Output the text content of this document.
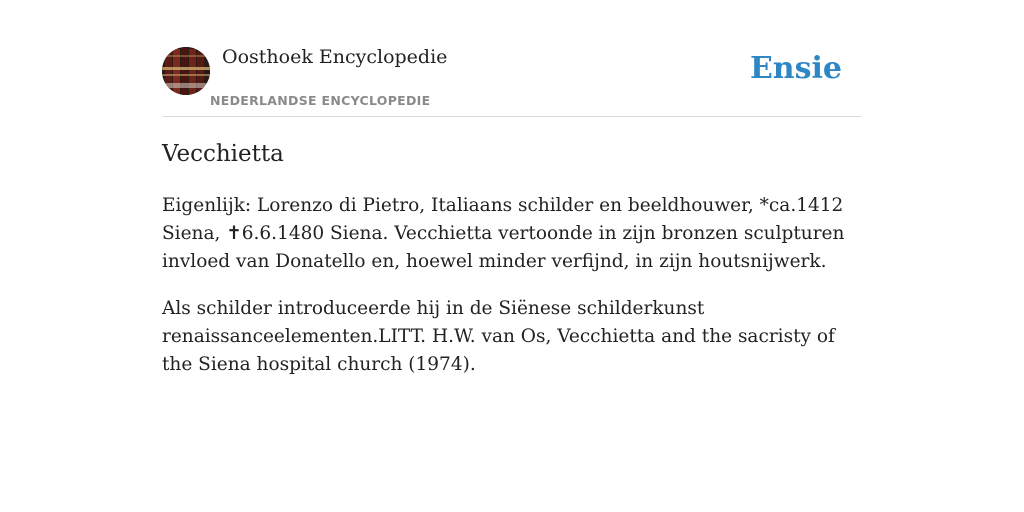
Oosthoek Encyclopedie
NEDERLANDSE ENCYCLOPEDIE
Ensie
Vecchietta

Eigenlijk: Lorenzo di Pietro, Italiaans schilder en beeldhouwer, *ca.1412 Siena, ✝6.6.1480 Siena. Vecchietta vertoonde in zijn bronzen sculpturen invloed van Donatello en, hoewel minder verfijnd, in zijn houtsnijwerk.

Als schilder introduceerde hij in de Siënese schilderkunst renaissanceelementen.LITT. H.W. van Os, Vecchietta and the sacristy of the Siena hospital church (1974).
